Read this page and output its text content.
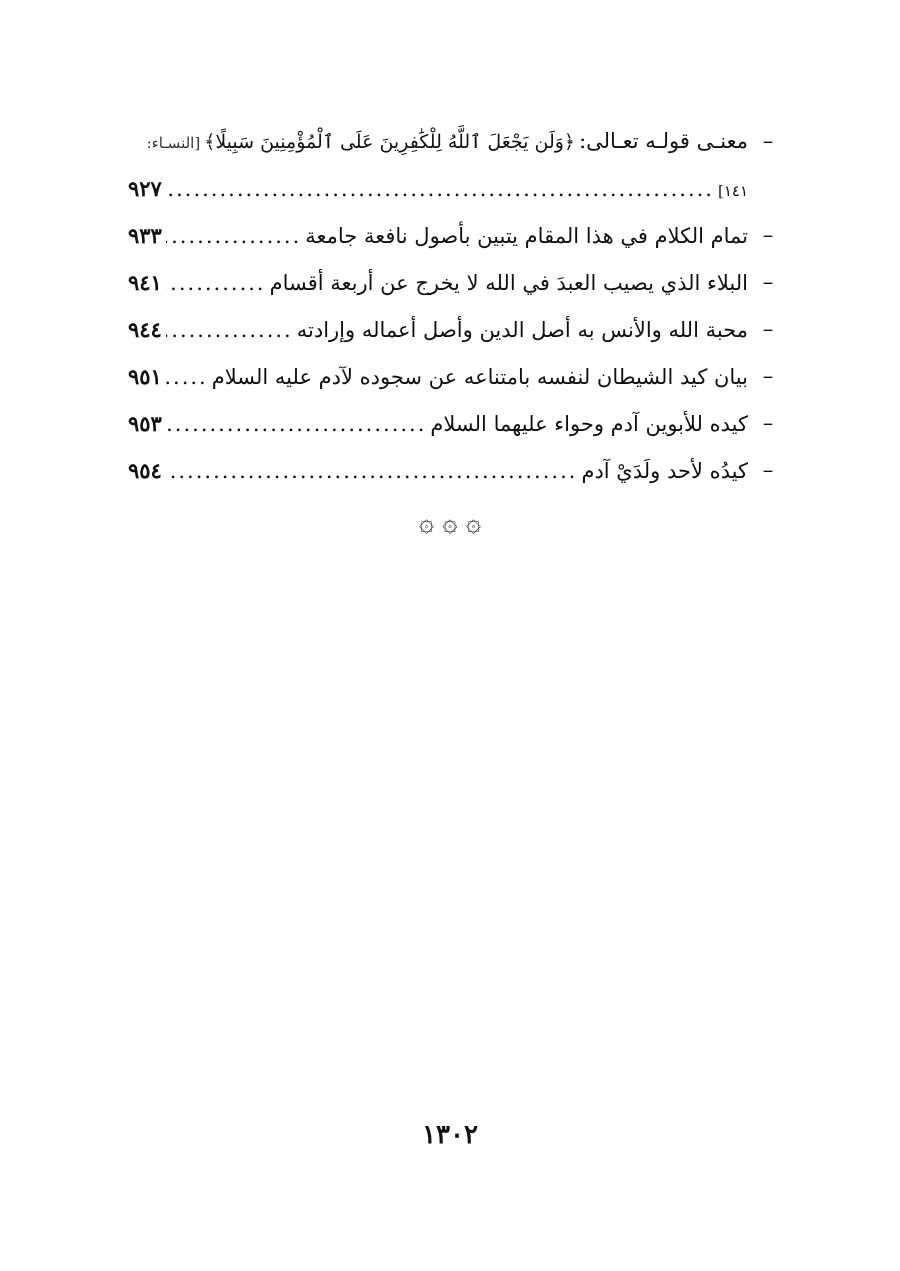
–
معنـى قولـه تعـالى:
﴿وَلَن يَجْعَلَ ٱللَّهُ لِلْكَٰفِرِينَ عَلَى ٱلْمُؤْمِنِينَ سَبِيلًا﴾
[النسـاء:
١٤١]
.....
٩٢٧
–
تمام الكلام في هذا المقام يتبين بأصول نافعة جامعة
.....
٩٣٣
–
البلاء الذي يصيب العبدَ في الله لا يخرج عن أربعة أقسام
.....
٩٤١
–
محبة الله والأنس به أصل الدين وأصل أعماله وإرادته
.....
٩٤٤
–
بيان كيد الشيطان لنفسه بامتناعه عن سجوده لآدم عليه السلام
.....
٩٥١
–
كيده للأبوين آدم وحواء عليهما السلام
.....
٩٥٣
–
كيدُه لأحد ولَدَيْ آدم
.....
٩٥٤
۞ ۞ ۞
١٣٠٢
